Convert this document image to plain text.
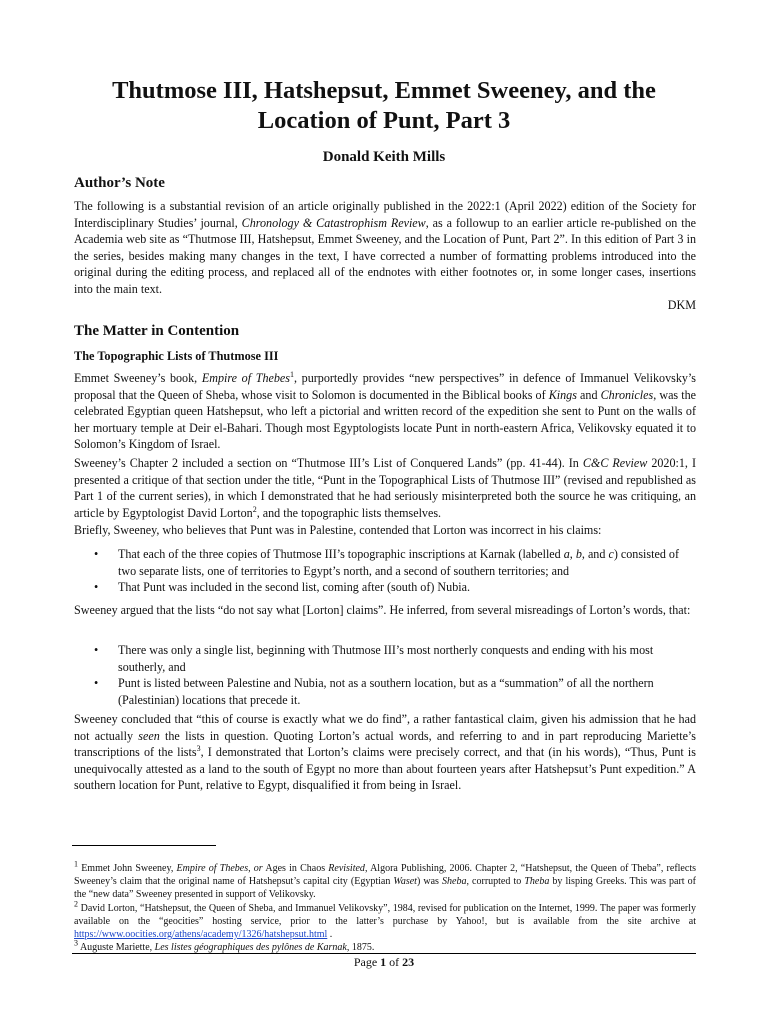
Thutmose III, Hatshepsut, Emmet Sweeney, and the Location of Punt, Part 3
Donald Keith Mills
Author’s Note

The following is a substantial revision of an article originally published in the 2022:1 (April 2022) edition of the Society for Interdisciplinary Studies’ journal, Chronology & Catastrophism Review, as a followup to an earlier article re-published on the Academia web site as “Thutmose III, Hatshepsut, Emmet Sweeney, and the Location of Punt, Part 2”. In this edition of Part 3 in the series, besides making many changes in the text, I have corrected a number of formatting problems introduced into the original during the editing process, and replaced all of the endnotes with either footnotes or, in some longer cases, insertions into the main text.

DKM
The Matter in Contention
The Topographic Lists of Thutmose III

Emmet Sweeney’s book, Empire of Thebes$^1$, purportedly provides “new perspectives” in defence of Immanuel Velikovsky’s proposal that the Queen of Sheba, whose visit to Solomon is documented in the Biblical books of Kings and Chronicles, was the celebrated Egyptian queen Hatshepsut, who left a pictorial and written record of the expedition she sent to Punt on the walls of her mortuary temple at Deir el-Bahari. Though most Egyptologists locate Punt in north-eastern Africa, Velikovsky equated it to Solomon’s Kingdom of Israel.

Sweeney’s Chapter 2 included a section on “Thutmose III’s List of Conquered Lands” (pp. 41-44). In C&C Review 2020:1, I presented a critique of that section under the title, “Punt in the Topographical Lists of Thutmose III” (revised and republished as Part 1 of the current series), in which I demonstrated that he had seriously misinterpreted both the source he was critiquing, an article by Egyptologist David Lorton$^2$, and the topographic lists themselves.

Briefly, Sweeney, who believes that Punt was in Palestine, contended that Lorton was incorrect in his claims:

• That each of the three copies of Thutmose III’s topographic inscriptions at Karnak (labelled a, b, and c) consisted of two separate lists, one of territories to Egypt’s north, and a second of southern territories; and
• That Punt was included in the second list, coming after (south of) Nubia.

Sweeney argued that the lists “do not say what [Lorton] claims”. He inferred, from several misreadings of Lorton’s words, that:

• There was only a single list, beginning with Thutmose III’s most northerly conquests and ending with his most southerly, and
• Punt is listed between Palestine and Nubia, not as a southern location, but as a “summation” of all the northern (Palestinian) locations that precede it.

Sweeney concluded that “this of course is exactly what we do find”, a rather fantastical claim, given his admission that he had not actually seen the lists in question. Quoting Lorton’s actual words, and referring to and in part reproducing Mariette’s transcriptions of the lists$^3$, I demonstrated that Lorton’s claims were precisely correct, and that (in his words), “Thus, Punt is unequivocally attested as a land to the south of Egypt no more than about fourteen years after Hatshepsut’s Punt expedition.” A southern location for Punt, relative to Egypt, disqualified it from being in Israel.

$^1$ Emmet John Sweeney, Empire of Thebes, or Ages in Chaos Revisited, Algora Publishing, 2006. Chapter 2, “Hatshepsut, the Queen of Theba”, reflects Sweeney’s claim that the original name of Hatshepsut’s capital city (Egyptian Waset) was Sheba, corrupted to Theba by lisping Greeks. This was part of the “new data” Sweeney presented in support of Velikovsky.

$^2$ David Lorton, “Hatshepsut, the Queen of Sheba, and Immanuel Velikovsky”, 1984, revised for publication on the Internet, 1999. The paper was formerly available on the “geocities” hosting service, prior to the latter’s purchase by Yahoo!, but is available from the site archive at https://www.oocities.org/athens/academy/1326/hatshepsut.html .

$^3$ Auguste Mariette, Les listes géographiques des pylônes de Karnak, 1875.

Page 1 of 23
